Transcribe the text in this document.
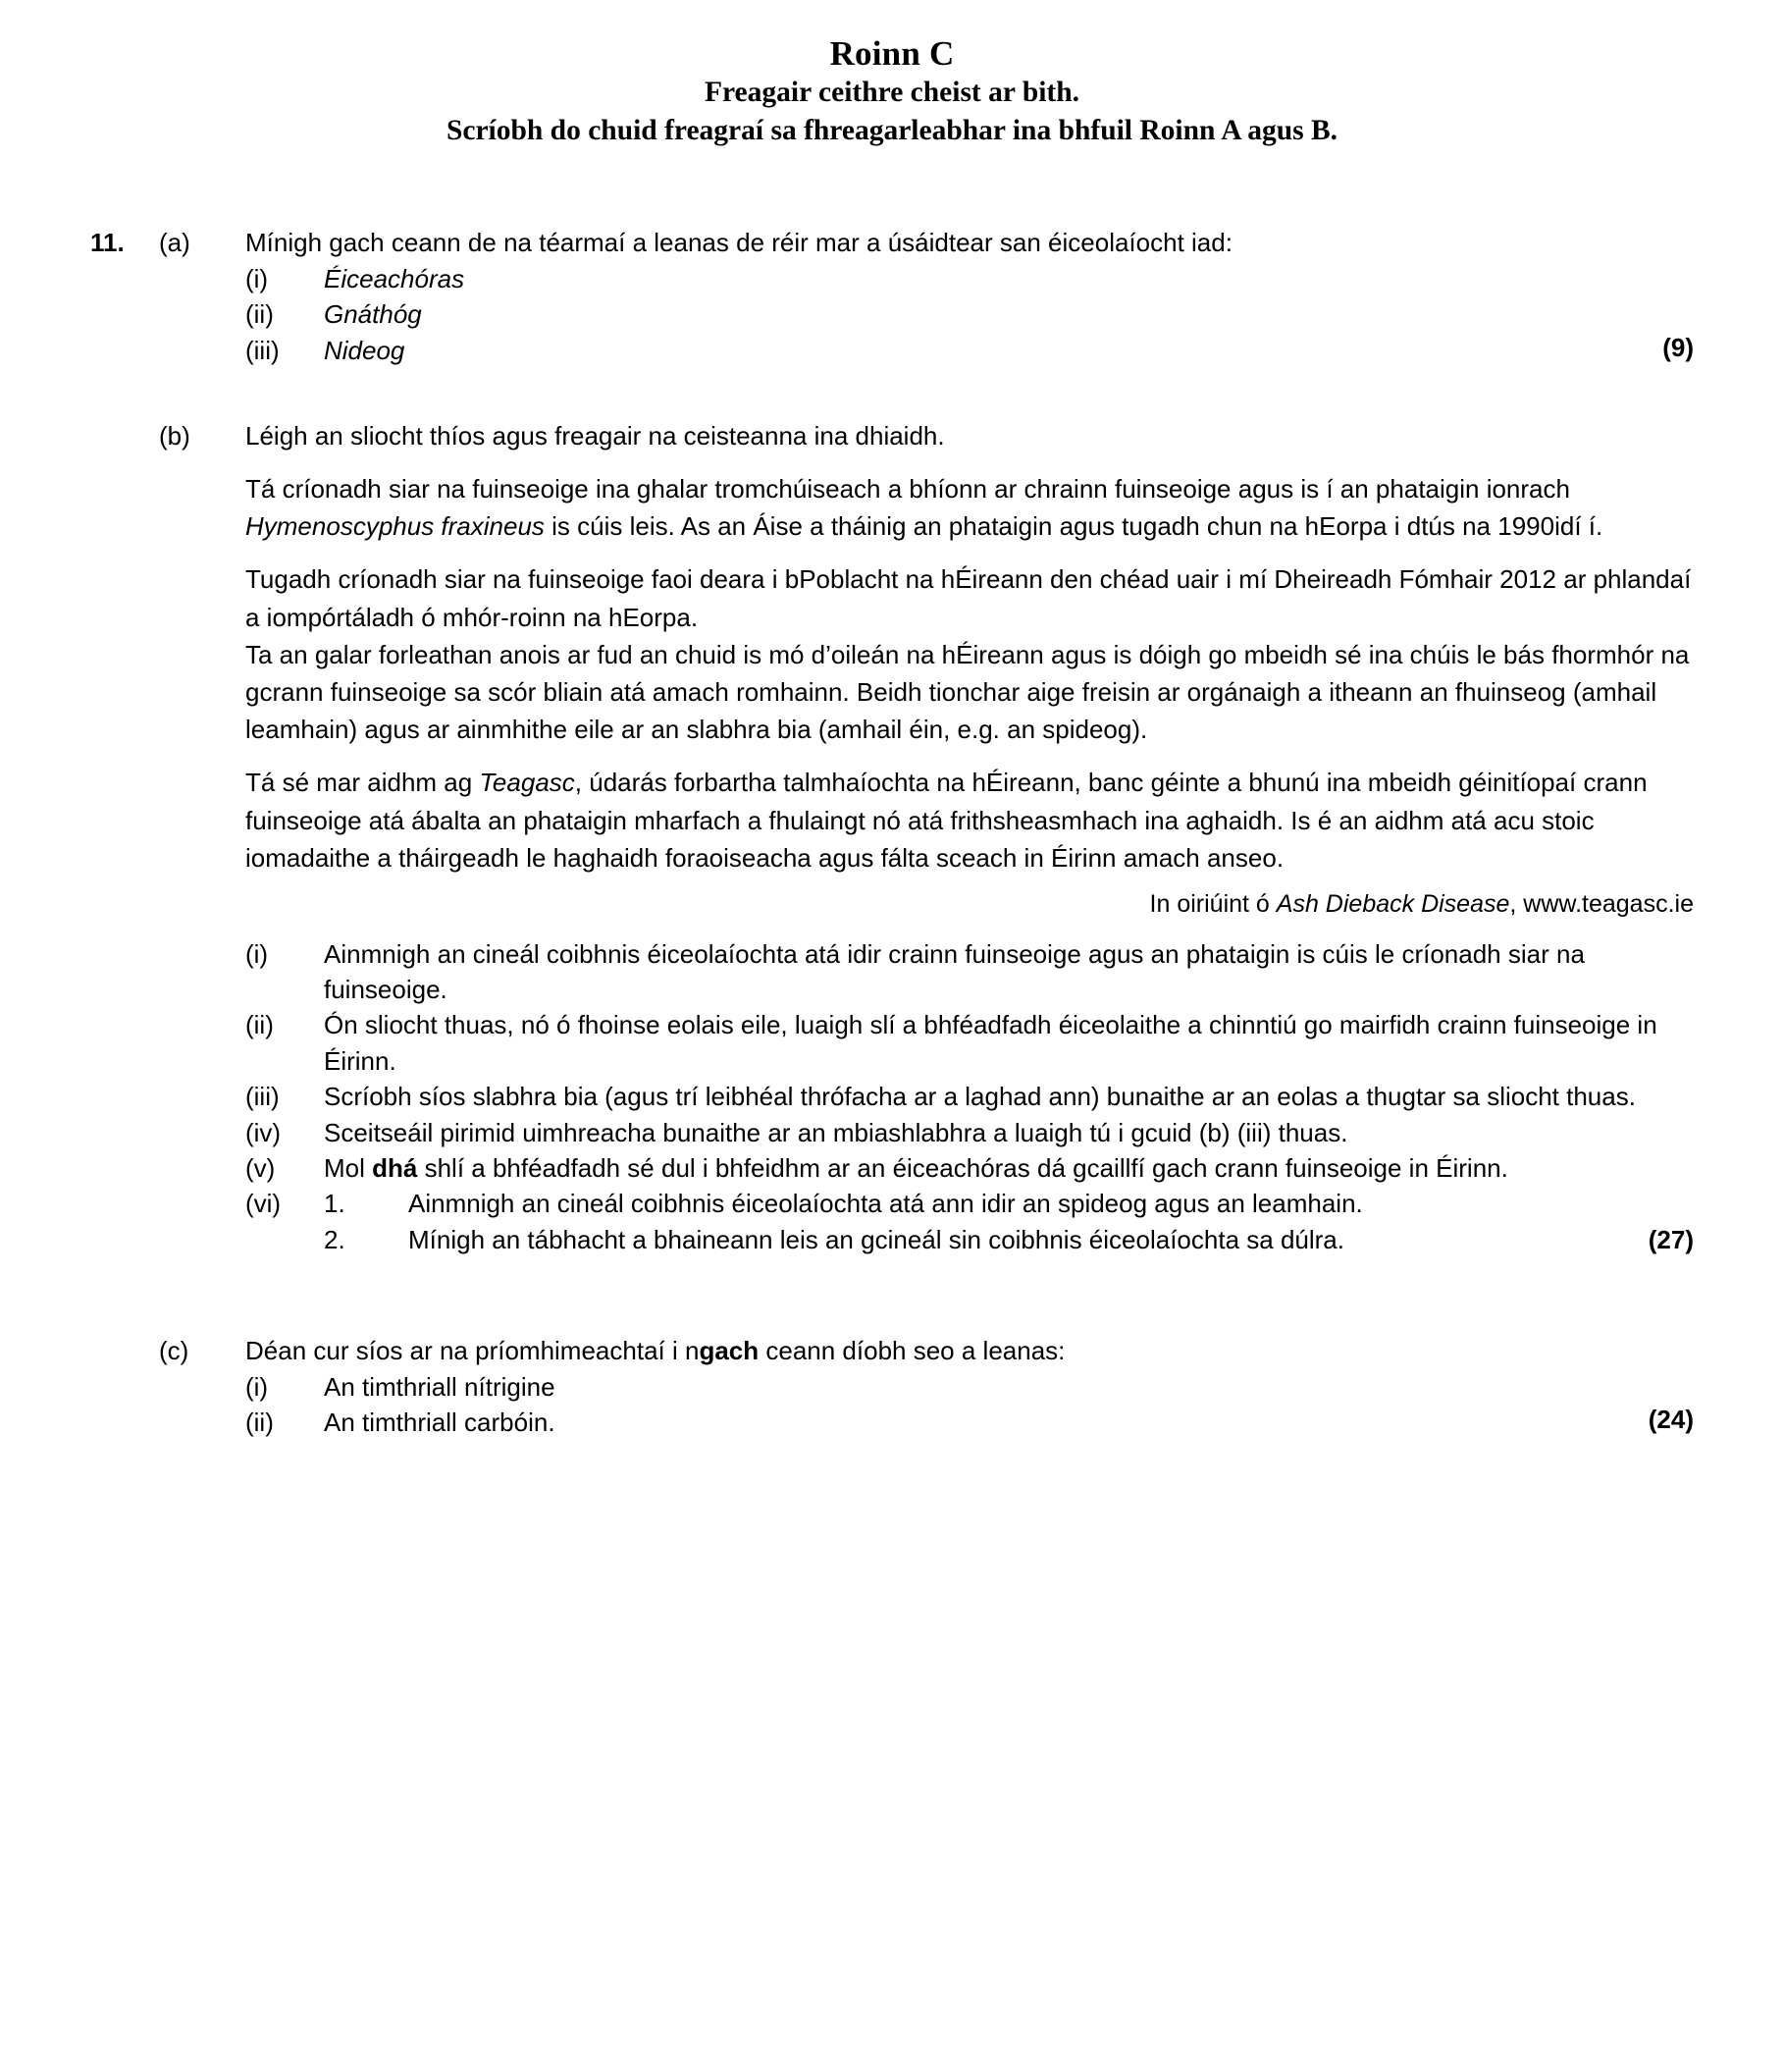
Roinn C
Freagair ceithre cheist ar bith.
Scríobh do chuid freagraí sa fhreagarleabhar ina bhfuil Roinn A agus B.
11.	(a)	Mínigh gach ceann de na téarmaí a leanas de réir mar a úsáidtear san éiceolaíocht iad:
(i)	Éiceachóras
(ii)	Gnáthóg
(iii)	Nideog	(9)
(b)	Léigh an sliocht thíos agus freagair na ceisteanna ina dhiaidh.

Tá críonadh siar na fuinseoige ina ghalar tromchúiseach a bhíonn ar chrainn fuinseoige agus is í an phataigin ionrach Hymenoscyphus fraxineus is cúis leis. As an Áise a tháinig an phataigin agus tugadh chun na hEorpa i dtús na 1990idí í.

Tugadh críonadh siar na fuinseoige faoi deara i bPoblacht na hÉireann den chéad uair i mí Dheireadh Fómhair 2012 ar phlandaí a iompórtáladh ó mhór-roinn na hEorpa.
Ta an galar forleathan anois ar fud an chuid is mó d’oileán na hÉireann agus is dóigh go mbeidh sé ina chúis le bás fhormhór na gcrann fuinseoige sa scór bliain atá amach romhainn. Beidh tionchar aige freisin ar orgánaigh a itheann an fhuinseog (amhail leamhain) agus ar ainmhithe eile ar an slabhra bia (amhail éin, e.g. an spideog).

Tá sé mar aidhm ag Teagasc, údarás forbartha talmhaíochta na hÉireann, banc géinte a bhunú ina mbeidh géinitíopaí crann fuinseoige atá ábalta an phataigin mharfach a fhulaingt nó atá frithsheasmhach ina aghaidh. Is é an aidhm atá acu stoic iomadaithe a tháirgeadh le haghaidh foraoiseacha agus fálta sceach in Éirinn amach anseo.

In oiriúint ó Ash Dieback Disease, www.teagasc.ie
(i)	Ainmnigh an cineál coibhnis éiceolaíochta atá idir crainn fuinseoige agus an phataigin is cúis le críonadh siar na fuinseoige.
(ii)	Ón sliocht thuas, nó ó fhoinse eolais eile, luaigh slí a bhféadfadh éiceolaithe a chinntiú go mairfidh crainn fuinseoige in Éirinn.
(iii)	Scríobh síos slabhra bia (agus trí leibhéal thrófacha ar a laghad ann) bunaithe ar an eolas a thugtar sa sliocht thuas.
(iv)	Sceitseáil pirimid uimhreacha bunaithe ar an mbiashlabhra a luaigh tú i gcuid (b) (iii) thuas.
(v)	Mol dhá shlí a bhféadfadh sé dul i bhfeidhm ar an éiceachóras dá gcaillfí gach crann fuinseoige in Éirinn.
(vi)	1.	Ainmnigh an cineál coibhnis éiceolaíochta atá ann idir an spideog agus an leamhain.
2.	Mínigh an tábhacht a bhaineann leis an gcineál sin coibhnis éiceolaíochta sa dúlra.	(27)
(c)	Déan cur síos ar na príomhimeachtaí i ngach ceann díobh seo a leanas:
(i)	An timthriall nítrigine
(ii)	An timthriall carbóin.	(24)
